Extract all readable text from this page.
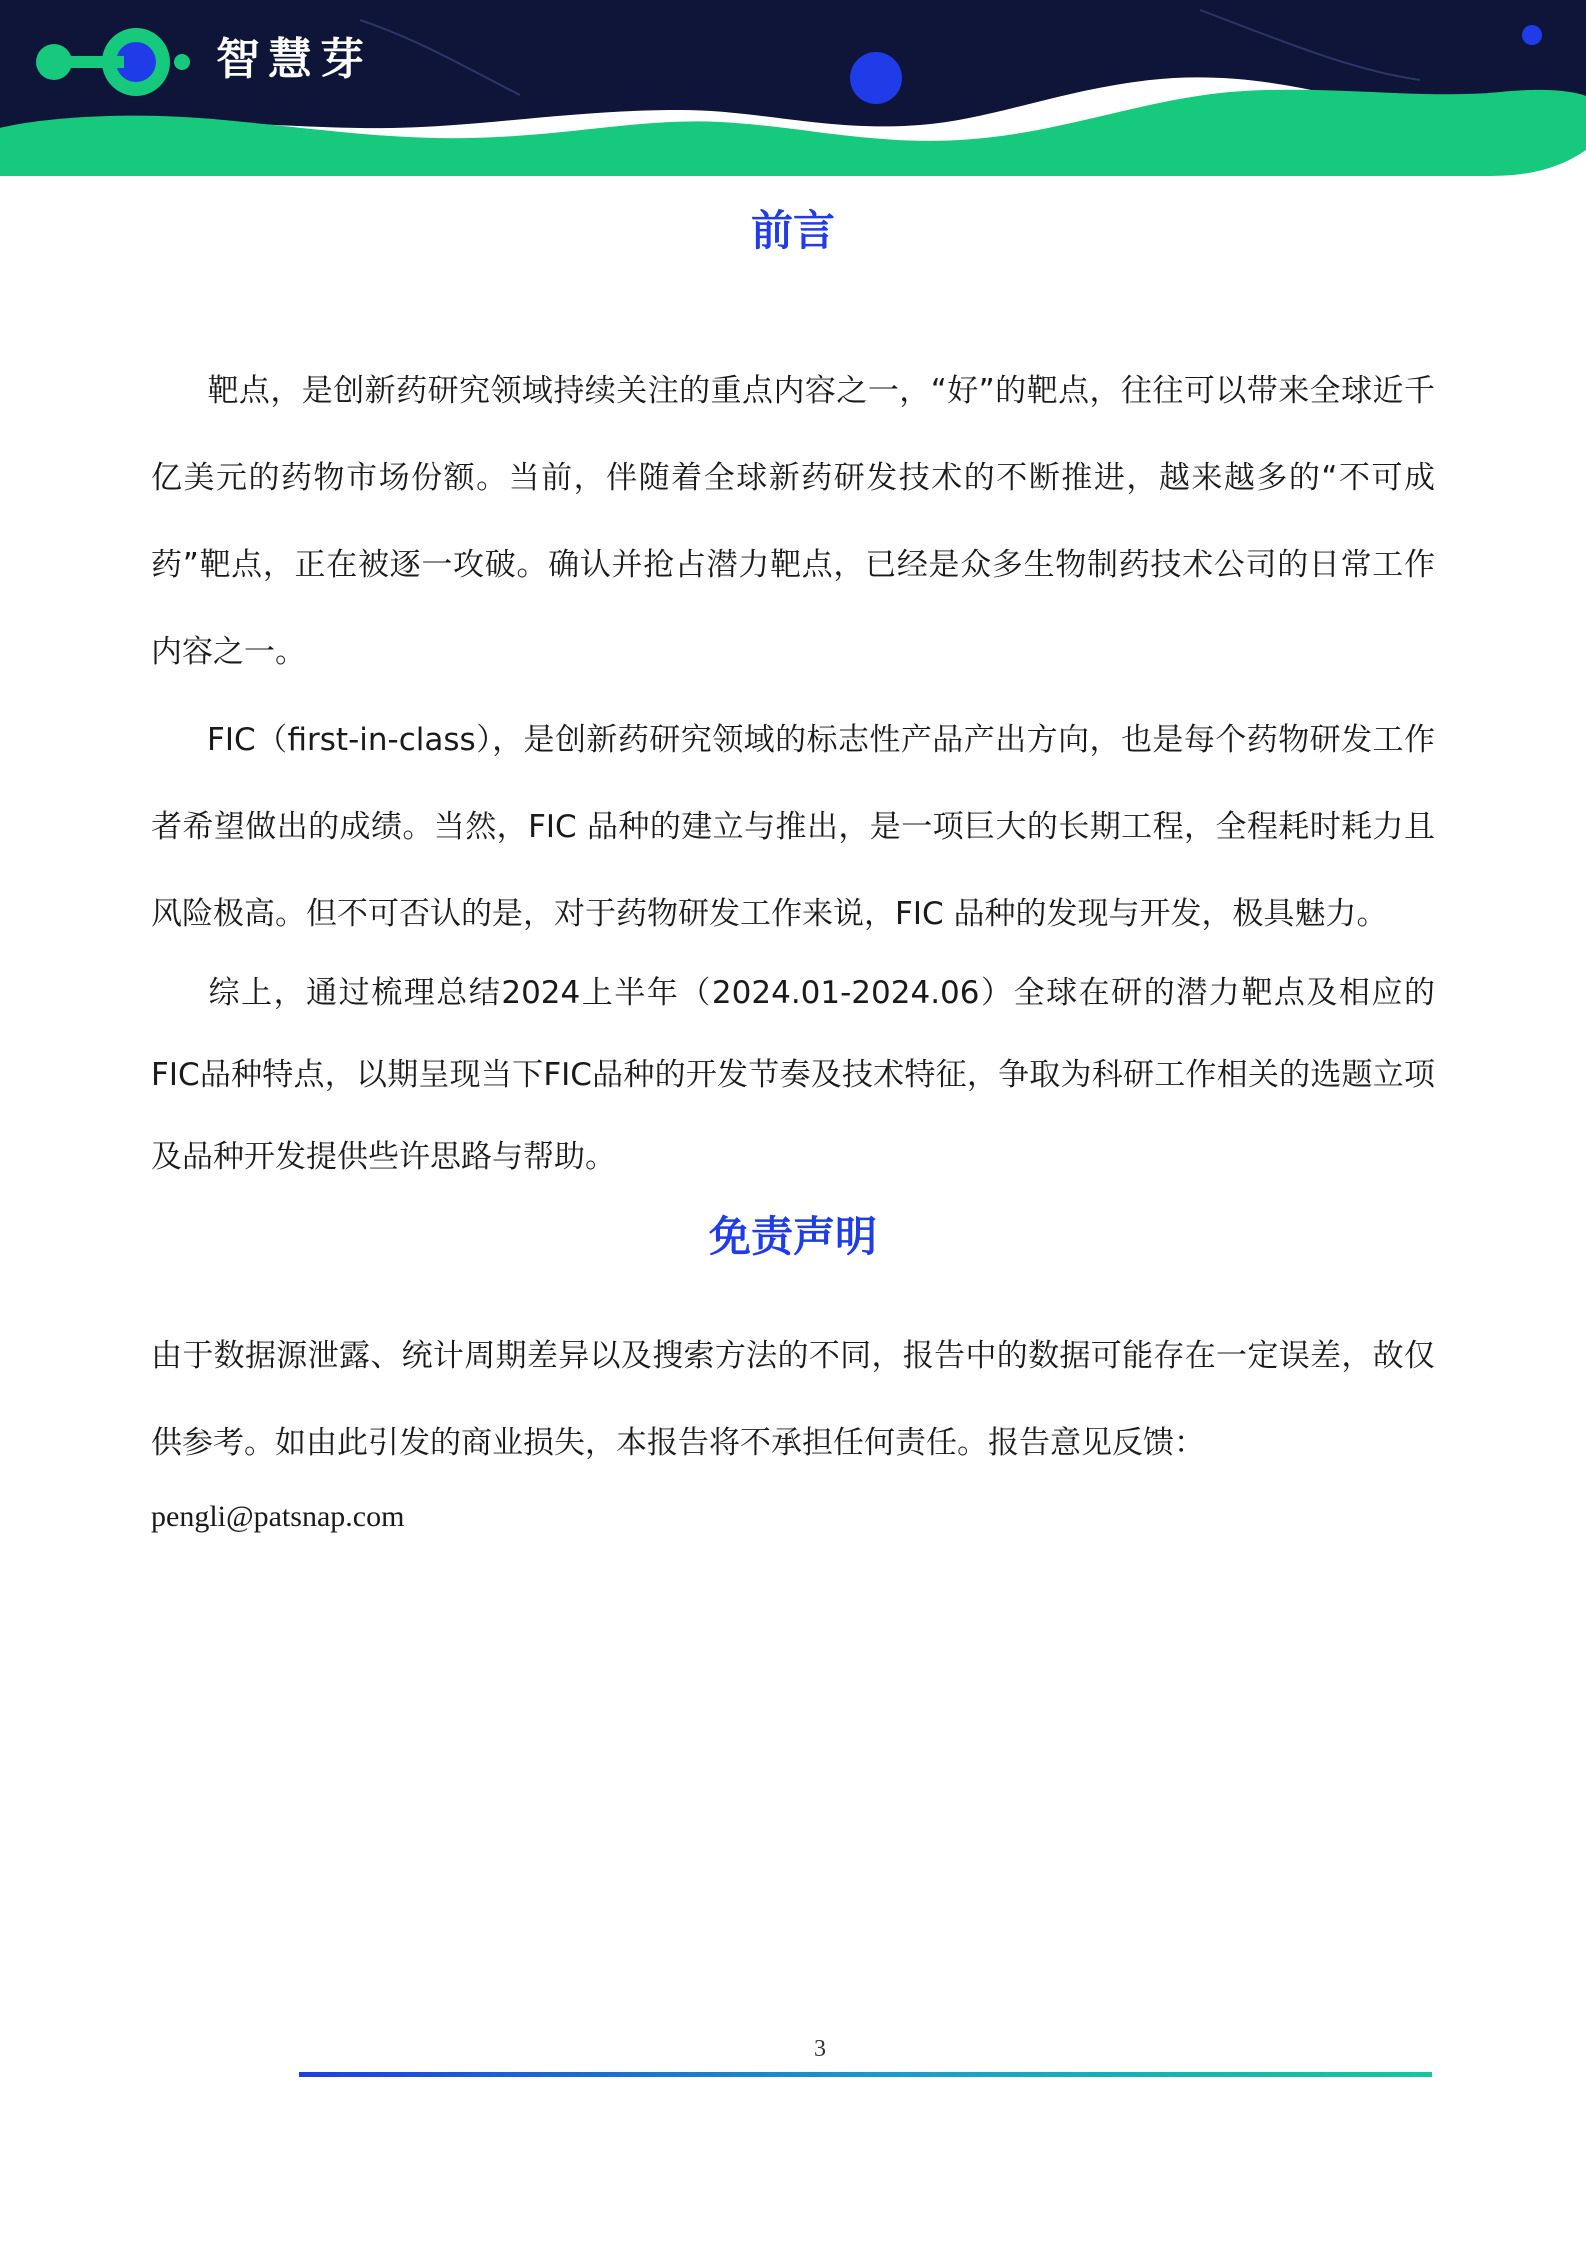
智慧芽
前言

靶点，是创新药研究领域持续关注的重点内容之一，“好”的靶点，往往可以带来全球近千亿美元的药物市场份额。当前，伴随着全球新药研发技术的不断推进，越来越多的“不可成药”靶点，正在被逐一攻破。确认并抢占潜力靶点，已经是众多生物制药技术公司的日常工作内容之一。

FIC（first-in-class），是创新药研究领域的标志性产品产出方向，也是每个药物研发工作者希望做出的成绩。当然，FIC 品种的建立与推出，是一项巨大的长期工程，全程耗时耗力且风险极高。但不可否认的是，对于药物研发工作来说，FIC 品种的发现与开发，极具魅力。

综上，通过梳理总结2024上半年（2024.01-2024.06）全球在研的潜力靶点及相应的FIC品种特点，以期呈现当下FIC品种的开发节奏及技术特征，争取为科研工作相关的选题立项及品种开发提供些许思路与帮助。

免责声明

由于数据源泄露、统计周期差异以及搜索方法的不同，报告中的数据可能存在一定误差，故仅供参考。如由此引发的商业损失，本报告将不承担任何责任。报告意见反馈：

pengli@patsnap.com
3
